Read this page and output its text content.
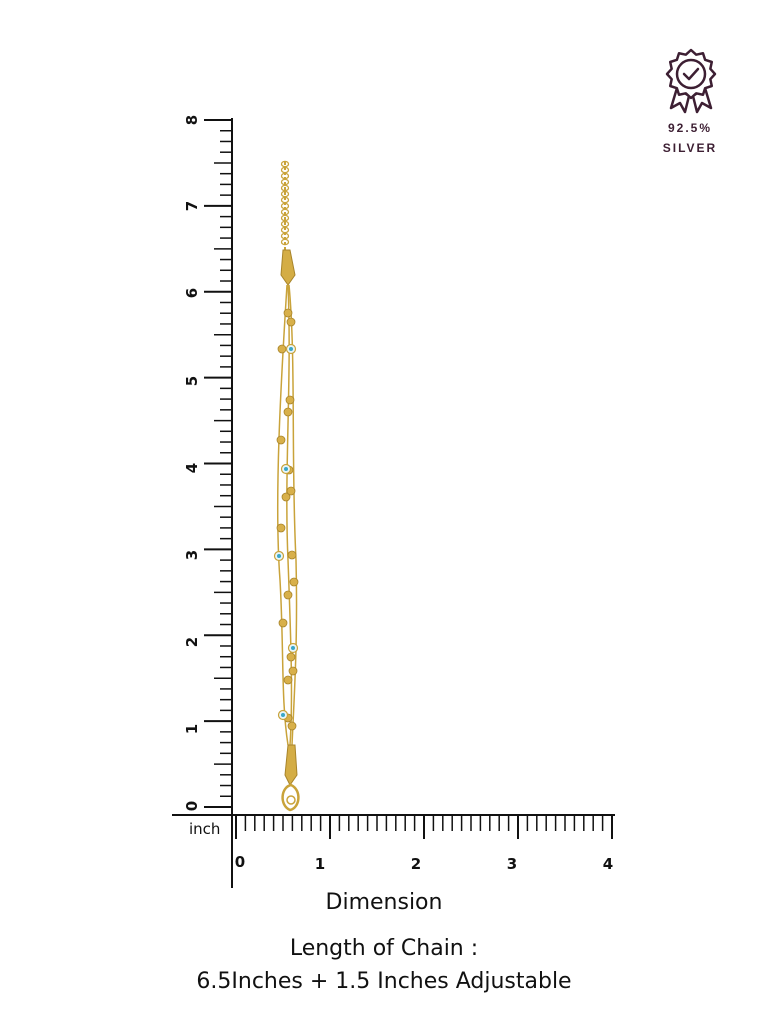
0
1
2
3
4
5
6
7
8
0	1	2	3	4
inch
92.5%
SILVER
Dimension
Length of Chain :
6.5Inches + 1.5 Inches Adjustable
